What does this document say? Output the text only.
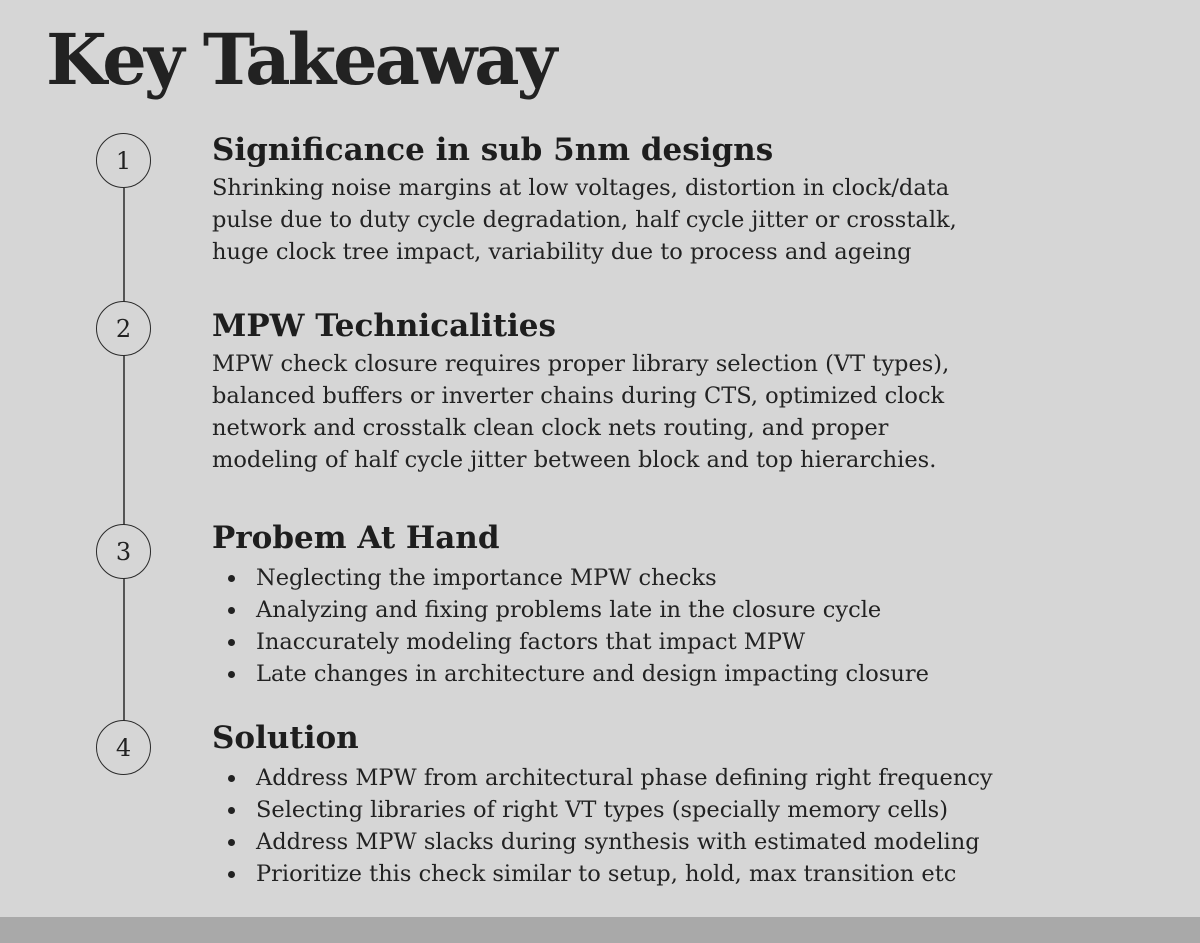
Key Takeaway
1	Significance in sub 5nm designs

Shrinking noise margins at low voltages, distortion in clock/data
pulse due to duty cycle degradation, half cycle jitter or crosstalk,
huge clock tree impact, variability due to process and ageing

2	MPW Technicalities

MPW check closure requires proper library selection (VT types),
balanced buffers or inverter chains during CTS, optimized clock
network and crosstalk clean clock nets routing, and proper
modeling of half cycle jitter between block and top hierarchies.

3	Probem At Hand
Neglecting the importance MPW checks
Analyzing and fixing problems late in the closure cycle
Inaccurately modeling factors that impact MPW
Late changes in architecture and design impacting closure
4	Solution
Address MPW from architectural phase defining right frequency
Selecting libraries of right VT types (specially memory cells)
Address MPW slacks during synthesis with estimated modeling
Prioritize this check similar to setup, hold, max transition etc
